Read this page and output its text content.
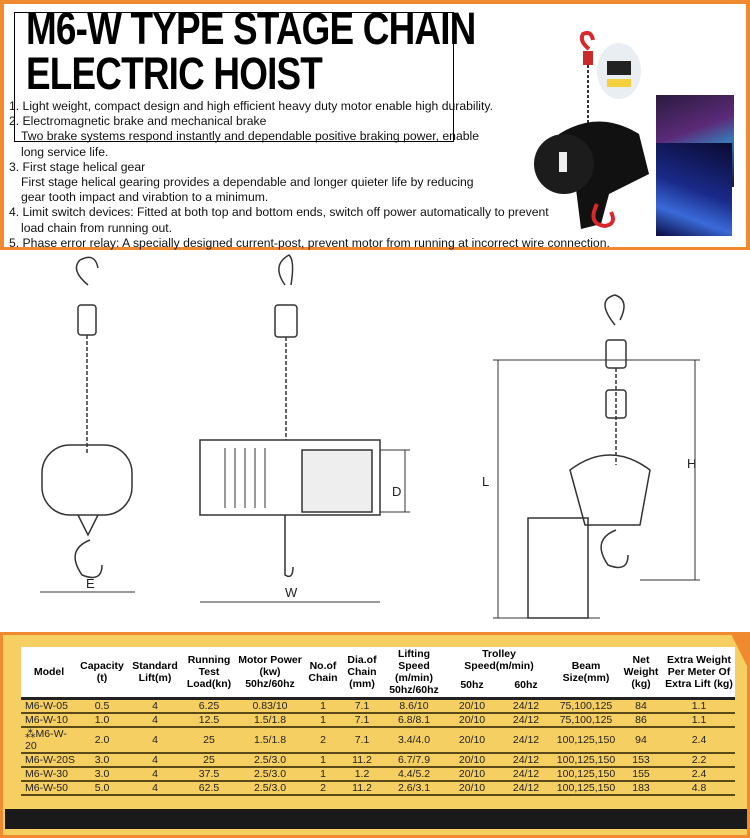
M6-W TYPE STAGE CHAIN
ELECTRIC HOIST
1. Light weight, compact design and high efficient heavy duty motor enable high durability.
2. Electromagnetic brake and mechanical brake
Two brake systems respond instantly and dependable positive braking power, enable
long service life.
3. First stage helical gear
First stage helical gearing provides a dependable and longer quieter life by reducing
gear tooth impact and virabtion to a minimum.
4. Limit switch devices: Fitted at both top and bottom ends, switch off power automatically to prevent
load chain from running out.
5. Phase error relay: A specially designed current-post, prevent motor from running at incorrect wire connection.
E
W
D
L
H
Model	Capacity (t)	Standard Lift(m)	Running Test Load(kn)	Motor Power (kw) 50hz/60hz	No.of Chain	Dia.of Chain (mm)	Lifting Speed (m/min) 50hz/60hz	Trolley Speed(m/min)		Beam Size(mm)	Net Weight (kg)	Extra Weight Per Meter Of Extra Lift (kg)
								50hz	60hz			
M6-W-05	0.5	4	6.25	0.83/10	1	7.1	8.6/10	20/10	24/12	75,100,125	84	1.1
M6-W-10	1.0	4	12.5	1.5/1.8	1	7.1	6.8/8.1	20/10	24/12	75,100,125	86	1.1
⁂M6-W-20	2.0	4	25	1.5/1.8	2	7.1	3.4/4.0	20/10	24/12	100,125,150	94	2.4
M6-W-20S	3.0	4	25	2.5/3.0	1	11.2	6.7/7.9	20/10	24/12	100,125,150	153	2.2
M6-W-30	3.0	4	37.5	2.5/3.0	1	1.2	4.4/5.2	20/10	24/12	100,125,150	155	2.4
M6-W-50	5.0	4	62.5	2.5/3.0	2	11.2	2.6/3.1	20/10	24/12	100,125,150	183	4.8
